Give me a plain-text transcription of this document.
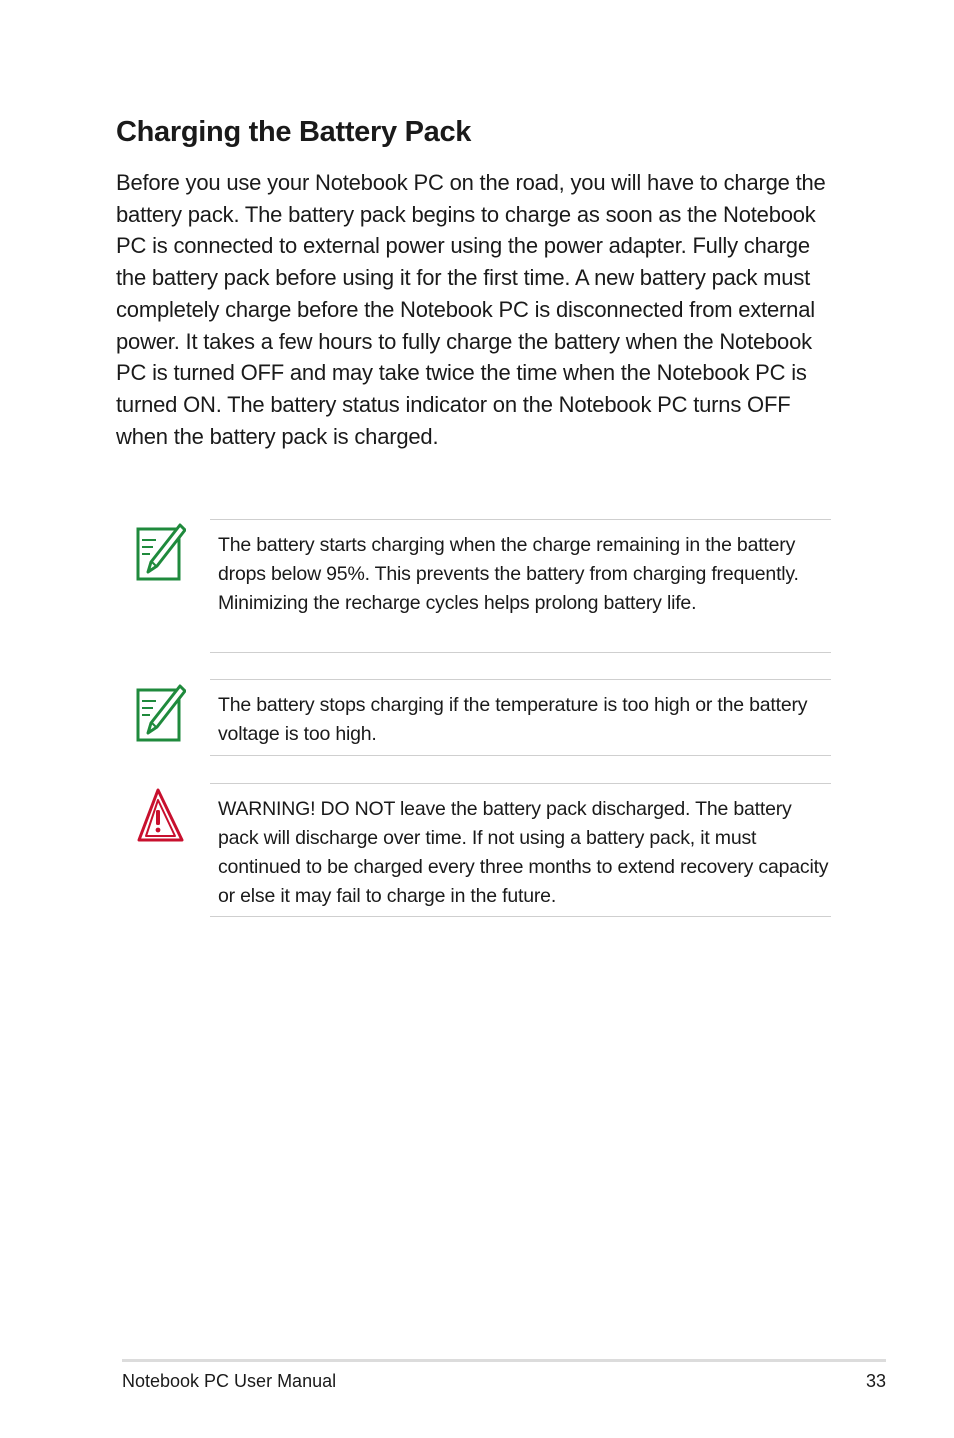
Charging the Battery Pack

Before you use your Notebook PC on the road, you will have to charge the battery pack. The battery pack begins to charge as soon as the Notebook PC is connected to external power using the power adapter. Fully charge the battery pack before using it for the first time. A new battery pack must completely charge before the Notebook PC is disconnected from external power. It takes a few hours to fully charge the battery when the Notebook PC is turned OFF and may take twice the time when the Notebook PC is turned ON. The battery status indicator on the Notebook PC turns OFF when the battery pack is charged.

The battery starts charging when the charge remaining in the battery drops below 95%. This prevents the battery from charging frequently. Minimizing the recharge cycles helps prolong battery life.

The battery stops charging if the temperature is too high or the battery voltage is too high.

WARNING! DO NOT leave the battery pack discharged. The battery pack will discharge over time. If not using a battery pack, it must continued to be charged every three months to extend recovery capacity or else it may fail to charge in the future.

Notebook PC User Manual	33
